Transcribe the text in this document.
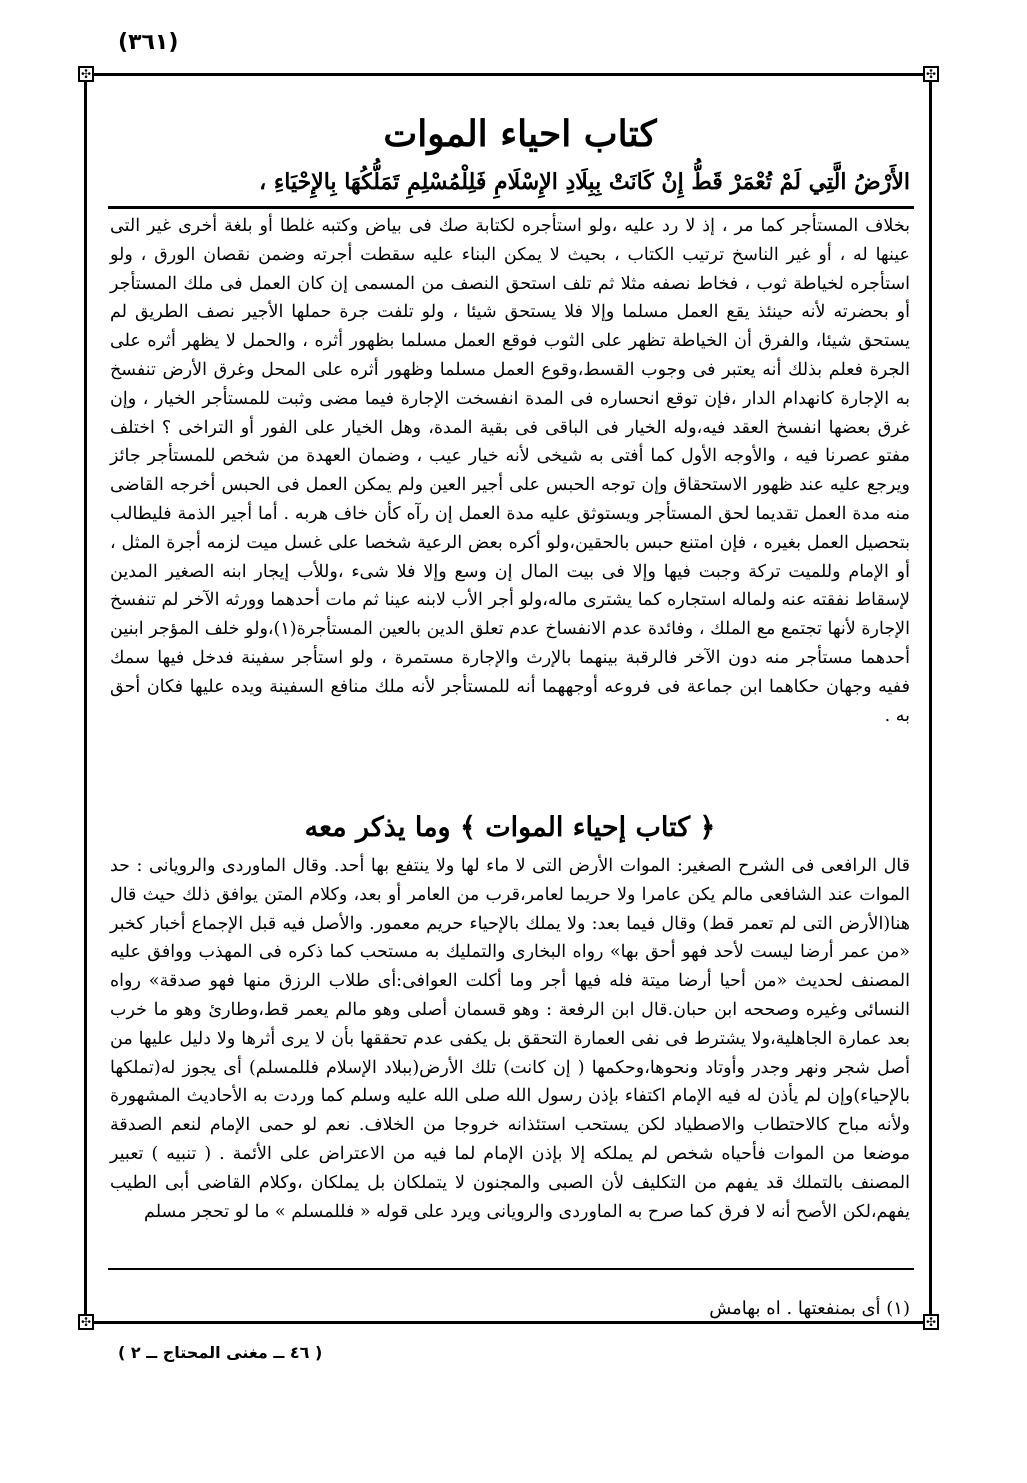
(٣٦١)
✣
✣
✣
✣
كتاب احياء الموات
الأَرْضُ الَّتِي لَمْ تُعْمَرْ قَطُّ إِنْ كَانَتْ بِبِلَادِ الإِسْلَامِ فَلِلْمُسْلِمِ تَمَلُّكُهَا بِالإِحْيَاءِ ،
بخلاف المستأجر كما مر ، إذ لا رد عليه ،ولو استأجره لكتابة صك فى بياض وكتبه غلطا أو بلغة أخرى غير التى عينها له ، أو غير الناسخ ترتيب الكتاب ، بحيث لا يمكن البناء عليه سقطت أجرته وضمن نقصان الورق ، ولو استأجره لخياطة ثوب ، فخاط نصفه مثلا ثم تلف استحق النصف من المسمى إن كان العمل فى ملك المستأجر أو بحضرته لأنه حينئذ يقع العمل مسلما وإلا فلا يستحق شيئا ، ولو تلفت جرة حملها الأجير نصف الطريق لم يستحق شيئا، والفرق أن الخياطة تظهر على الثوب فوقع العمل مسلما بظهور أثره ، والحمل لا يظهر أثره على الجرة فعلم بذلك أنه يعتبر فى وجوب القسط،وقوع العمل مسلما وظهور أثره على المحل وغرق الأرض تنفسخ به الإجارة كانهدام الدار ،فإن توقع انحساره فى المدة انفسخت الإجارة فيما مضى وثبت للمستأجر الخيار ، وإن غرق بعضها انفسخ العقد فيه،وله الخيار فى الباقى فى بقية المدة، وهل الخيار على الفور أو التراخى ؟ اختلف مفتو عصرنا فيه ، والأوجه الأول كما أفتى به شيخى لأنه خيار عيب ، وضمان العهدة من شخص للمستأجر جائز ويرجع عليه عند ظهور الاستحقاق وإن توجه الحبس على أجير العين ولم يمكن العمل فى الحبس أخرجه القاضى منه مدة العمل تقديما لحق المستأجر ويستوثق عليه مدة العمل إن رآه كأن خاف هربه . أما أجير الذمة فليطالب بتحصيل العمل بغيره ، فإن امتنع حبس بالحقين،ولو أكره بعض الرعية شخصا على غسل ميت لزمه أجرة المثل ، أو الإمام وللميت تركة وجبت فيها وإلا فى بيت المال إن وسع وإلا فلا شىء ،وللأب إيجار ابنه الصغير المدين لإسقاط نفقته عنه ولماله استجاره كما يشترى ماله،ولو أجر الأب لابنه عينا ثم مات أحدهما وورثه الآخر لم تنفسخ الإجارة لأنها تجتمع مع الملك ، وفائدة عدم الانفساخ عدم تعلق الدين بالعين المستأجرة(١)،ولو خلف المؤجر ابنين أحدهما مستأجر منه دون الآخر فالرقبة بينهما بالإرث والإجارة مستمرة ، ولو استأجر سفينة فدخل فيها سمك ففيه وجهان حكاهما ابن جماعة فى فروعه أوجههما أنه للمستأجر لأنه ملك منافع السفينة ويده عليها فكان أحق به .
﴿ كتاب إحياء الموات ﴾ وما يذكر معه
قال الرافعى فى الشرح الصغير: الموات الأرض التى لا ماء لها ولا ينتفع بها أحد. وقال الماوردى والرويانى : حد الموات عند الشافعى مالم يكن عامرا ولا حريما لعامر،قرب من العامر أو بعد، وكلام المتن يوافق ذلك حيث قال هنا(الأرض التى لم تعمر قط) وقال فيما بعد: ولا يملك بالإحياء حريم معمور. والأصل فيه قبل الإجماع أخبار كخبر «من عمر أرضا ليست لأحد فهو أحق بها» رواه البخارى والتمليك به مستحب كما ذكره فى المهذب ووافق عليه المصنف لحديث «من أحيا أرضا ميتة فله فيها أجر وما أكلت العوافى:أى طلاب الرزق منها فهو صدقة» رواه النسائى وغيره وصححه ابن حبان.قال ابن الرفعة : وهو قسمان أصلى وهو مالم يعمر قط،وطارئ وهو ما خرب بعد عمارة الجاهلية،ولا يشترط فى نفى العمارة التحقق بل يكفى عدم تحققها بأن لا يرى أثرها ولا دليل عليها من أصل شجر ونهر وجدر وأوتاد ونحوها،وحكمها ( إن كانت) تلك الأرض(ببلاد الإسلام فللمسلم) أى يجوز له(تملكها بالإحياء)وإن لم يأذن له فيه الإمام اكتفاء بإذن رسول الله صلى الله عليه وسلم كما وردت به الأحاديث المشهورة ولأنه مباح كالاحتطاب والاصطياد لكن يستحب استئذانه خروجا من الخلاف. نعم لو حمى الإمام لنعم الصدقة موضعا من الموات فأحياه شخص لم يملكه إلا بإذن الإمام لما فيه من الاعتراض على الأئمة . ( تنبيه ) تعبير المصنف بالتملك قد يفهم من التكليف لأن الصبى والمجنون لا يتملكان بل يملكان ،وكلام القاضى أبى الطيب يفهم،لكن الأصح أنه لا فرق كما صرح به الماوردى والرويانى ويرد على قوله « فللمسلم » ما لو تحجر مسلم
(١) أى بمنفعتها . اه بهامش
( ٤٦ ــ مغنى المحتاج ــ ٢ )
